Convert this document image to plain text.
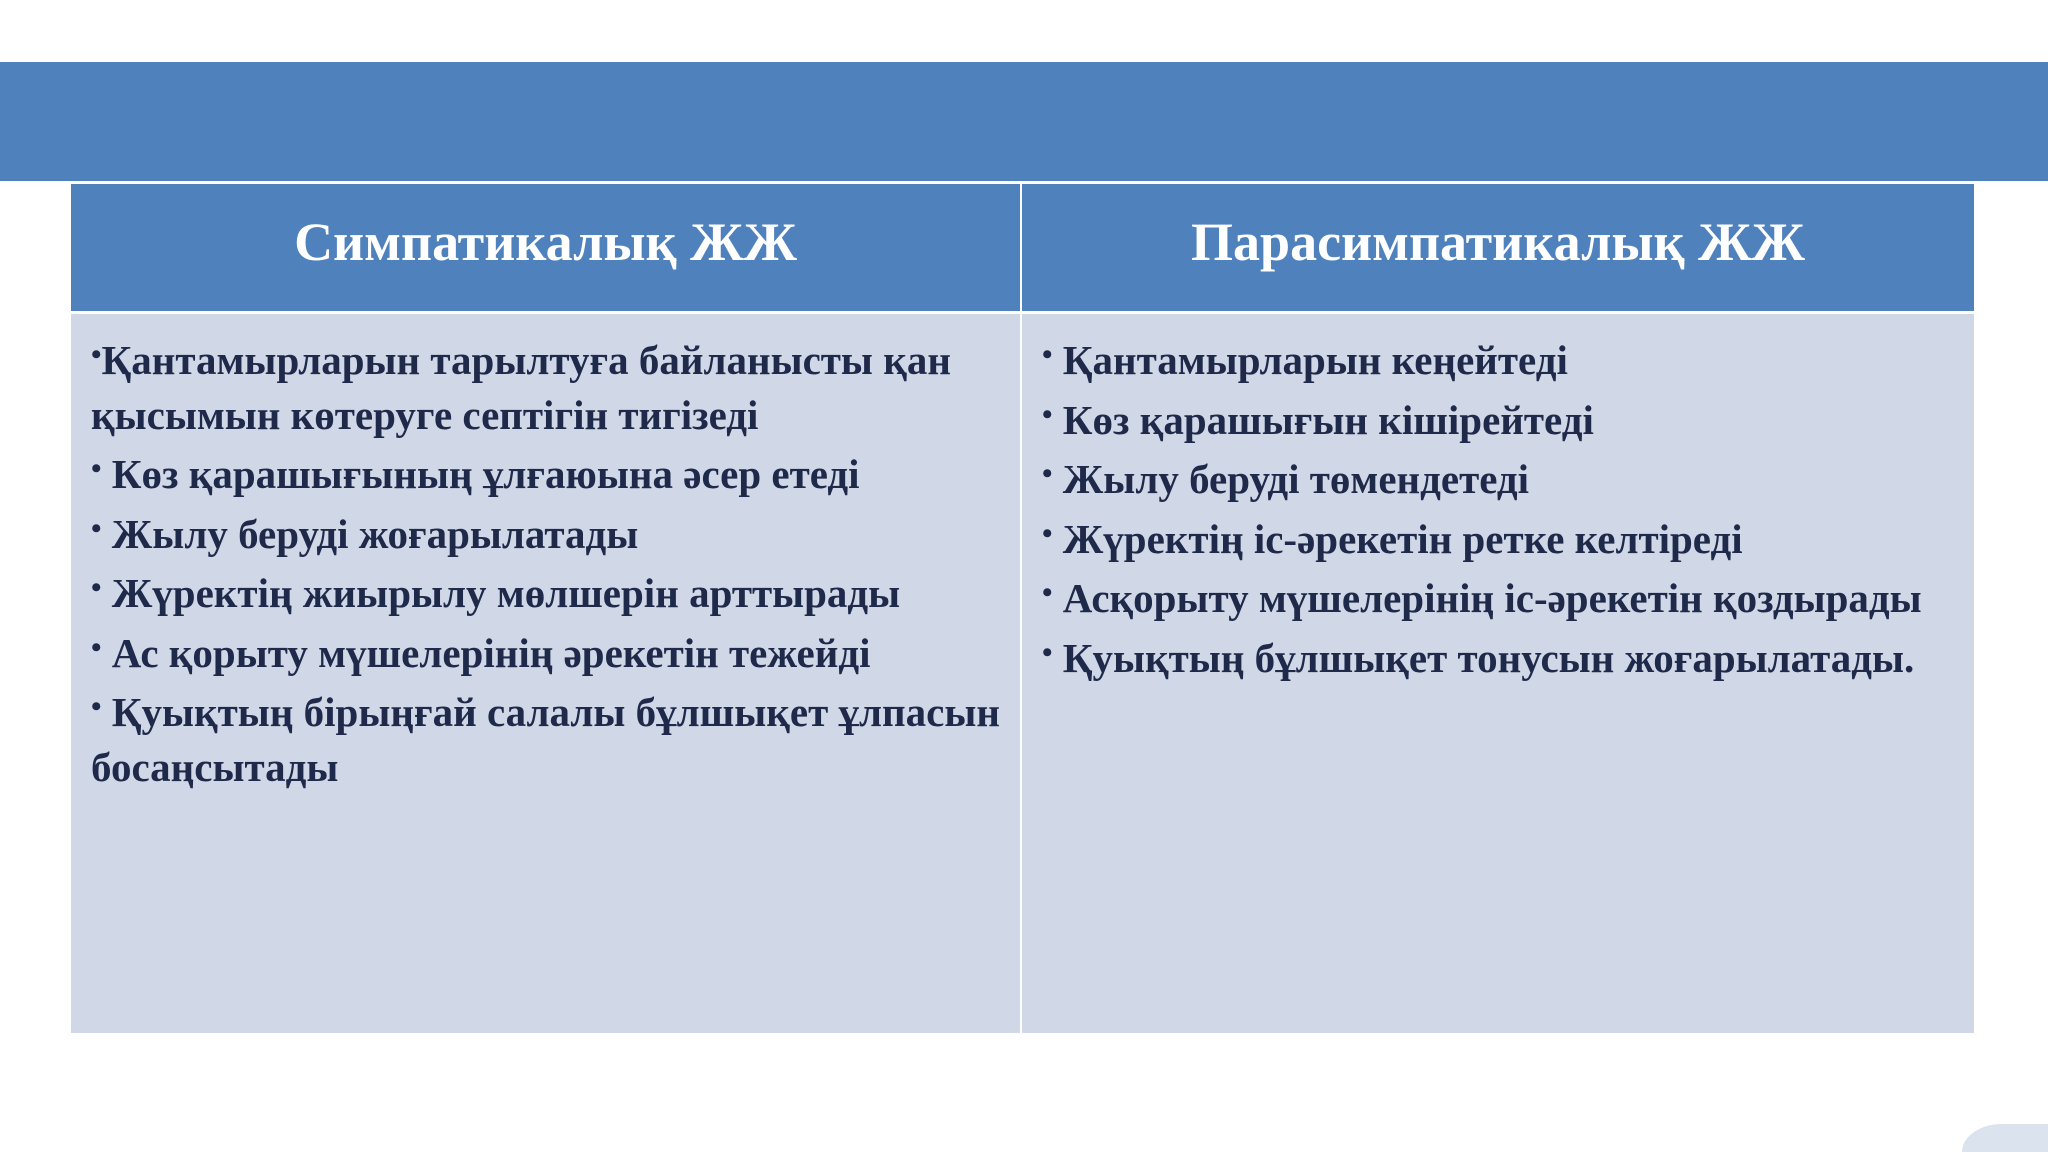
Симпатикалық ЖЖ	Парасимпатикалық ЖЖ

•Қантамырларын тарылтуға байланысты қан қысымын көтеруге септігін тигізеді

• Көз қарашығының ұлғаюына әсер етеді

• Жылу беруді жоғарылатады

• Жүректің жиырылу мөлшерін арттырады

• Ас қорыту мүшелерінің әрекетін тежейді

• Қуықтың бірыңғай салалы бұлшықет ұлпасын босаңсытады

• Қантамырларын кеңейтеді

• Көз қарашығын кішірейтеді

• Жылу беруді төмендетеді

• Жүректің іс-әрекетін ретке келтіреді

• Асқорыту мүшелерінің іс-әрекетін қоздырады

• Қуықтың бұлшықет тонусын жоғарылатады.
